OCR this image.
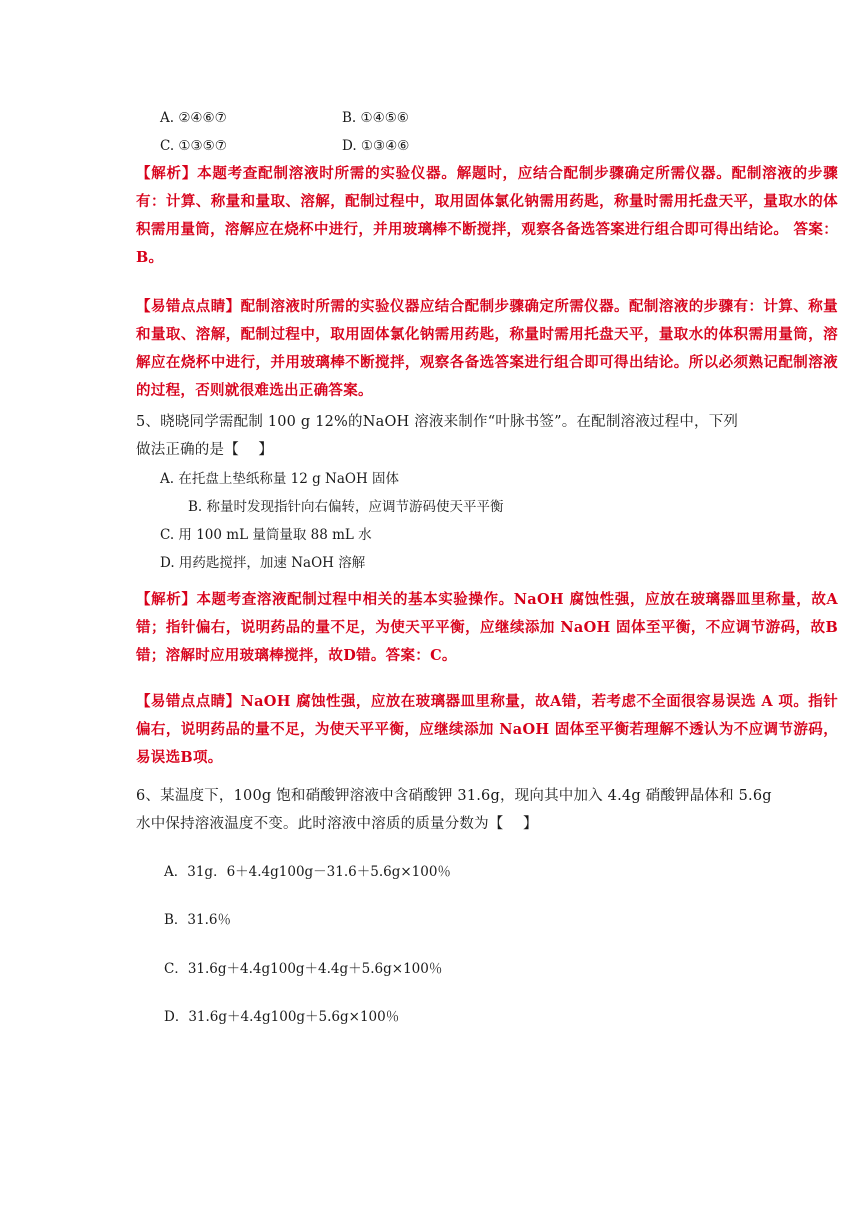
A. ②④⑥⑦	B. ①④⑤⑥
C. ①③⑤⑦	D. ①③④⑥
【解析】本题考查配制溶液时所需的实验仪器。解题时，应结合配制步骤确定所需仪器。配制溶液的步骤有：计算、称量和量取、溶解，配制过程中，取用固体氯化钠需用药匙，称量时需用托盘天平，量取水的体积需用量筒，溶解应在烧杯中进行，并用玻璃棒不断搅拌，观察各备选答案进行组合即可得出结论。 答案：B。
【易错点点睛】配制溶液时所需的实验仪器应结合配制步骤确定所需仪器。配制溶液的步骤有：计算、称量和量取、溶解，配制过程中，取用固体氯化钠需用药匙，称量时需用托盘天平，量取水的体积需用量筒，溶解应在烧杯中进行，并用玻璃棒不断搅拌，观察各备选答案进行组合即可得出结论。所以必须熟记配制溶液的过程，否则就很难选出正确答案。
5、晓晓同学需配制 100 g 12%的NaOH 溶液来制作“叶脉书签”。在配制溶液过程中，下列
做法正确的是【　 】
A. 在托盘上垫纸称量 12 g NaOH 固体
B. 称量时发现指针向右偏转，应调节游码使天平平衡
C. 用 100 mL 量筒量取 88 mL 水
D. 用药匙搅拌，加速 NaOH 溶解
【解析】本题考查溶液配制过程中相关的基本实验操作。NaOH 腐蚀性强，应放在玻璃器皿里称量，故A错；指针偏右，说明药品的量不足，为使天平平衡，应继续添加 NaOH 固体至平衡，不应调节游码，故B错；溶解时应用玻璃棒搅拌，故D错。答案：C。
【易错点点睛】NaOH 腐蚀性强，应放在玻璃器皿里称量，故A错，若考虑不全面很容易误选 A 项。指针偏右，说明药品的量不足，为使天平平衡，应继续添加 NaOH 固体至平衡若理解不透认为不应调节游码，易误选B项。
6、某温度下，100g 饱和硝酸钾溶液中含硝酸钾 31.6g，现向其中加入 4.4g 硝酸钾晶体和 5.6g
水中保持溶液温度不变。此时溶液中溶质的质量分数为【　 】
A．31g．6＋4.4g100g－31.6＋5.6g×100％
B．31.6％
C．31.6g＋4.4g100g＋4.4g＋5.6g×100％
D．31.6g＋4.4g100g＋5.6g×100％
